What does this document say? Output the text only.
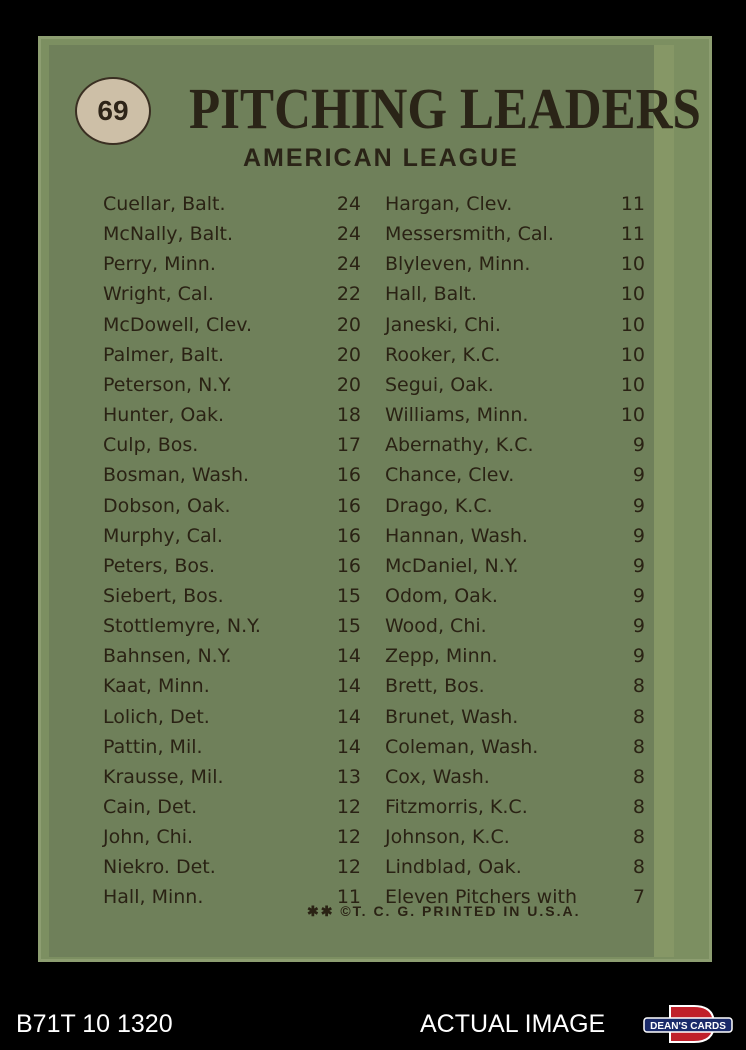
69	PITCHING LEADERS
AMERICAN LEAGUE
Cuellar, Balt.	24
McNally, Balt.	24
Perry, Minn.	24
Wright, Cal.	22
McDowell, Clev.	20
Palmer, Balt.	20
Peterson, N.Y.	20
Hunter, Oak.	18
Culp, Bos.	17
Bosman, Wash.	16
Dobson, Oak.	16
Murphy, Cal.	16
Peters, Bos.	16
Siebert, Bos.	15
Stottlemyre, N.Y.	15
Bahnsen, N.Y.	14
Kaat, Minn.	14
Lolich, Det.	14
Pattin, Mil.	14
Krausse, Mil.	13
Cain, Det.	12
John, Chi.	12
Niekro. Det.	12
Hall, Minn.	11
Hargan, Clev.	11
Messersmith, Cal.	11
Blyleven, Minn.	10
Hall, Balt.	10
Janeski, Chi.	10
Rooker, K.C.	10
Segui, Oak.	10
Williams, Minn.	10
Abernathy, K.C.	9
Chance, Clev.	9
Drago, K.C.	9
Hannan, Wash.	9
McDaniel, N.Y.	9
Odom, Oak.	9
Wood, Chi.	9
Zepp, Minn.	9
Brett, Bos.	8
Brunet, Wash.	8
Coleman, Wash.	8
Cox, Wash.	8
Fitzmorris, K.C.	8
Johnson, K.C.	8
Lindblad, Oak.	8
Eleven Pitchers with	7
✱✱ ©T. C. G. PRINTED IN U.S.A.
B71T 10 1320	ACTUAL IMAGE	DEAN'S CARDS
